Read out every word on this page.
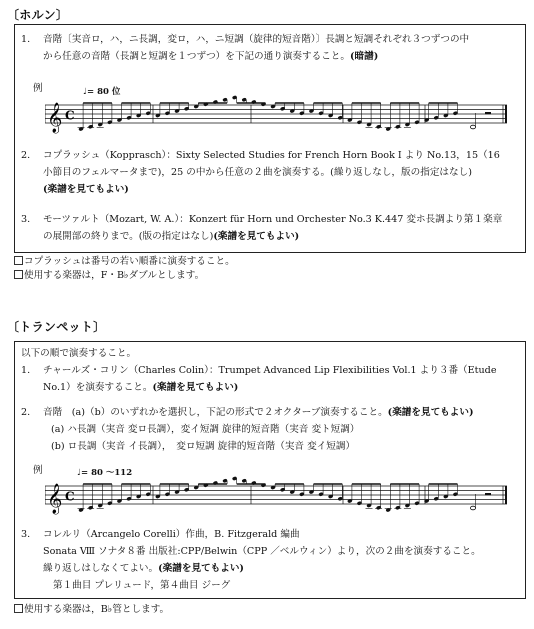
〔ホルン〕
1. 音階〔実音ロ，ハ，ニ長調，変ロ，ハ，ニ短調（旋律的短音階）〕長調と短調それぞれ３つずつの中
から任意の音階（長調と短調を１つずつ）を下記の通り演奏すること。(暗譜)
例	♩= 80 位
𝄞 C
2. コプラッシュ（Kopprasch）：Sixty Selected Studies for French Horn Book I より No.13，15（16
小節目のフェルマータまで)，25 の中から任意の２曲を演奏する。(繰り返しなし，版の指定はなし)
(楽譜を見てもよい)
3. モーツァルト（Mozart, W. A.）：Konzert für Horn und Orchester No.3 K.447 変ホ長調より第１楽章
の展開部の終りまで。(版の指定はなし)(楽譜を見てもよい)
コプラッシュは番号の若い順番に演奏すること。
使用する楽器は，F・B♭ダブルとします。
〔トランペット〕
以下の順で演奏すること。
1. チャールズ・コリン（Charles Colin）：Trumpet Advanced Lip Flexibilities Vol.1 より３番（Etude
No.1）を演奏すること。(楽譜を見てもよい)
2. 音階　(a)（b）のいずれかを選択し，下記の形式で２オクターブ演奏すること。(楽譜を見てもよい)
(a) ハ長調（実音 変ロ長調），変イ短調 旋律的短音階（実音 変ト短調）
(b) ロ長調（実音 イ長調），　変ロ短調 旋律的短音階（実音 変イ短調）
例	♩= 80 〜112
𝄞 C
3. コレルリ（Arcangelo Corelli）作曲，B. Fitzgerald 編曲
Sonata Ⅷ ソナタ８番 出版社:CPP/Belwin（CPP ／ベルウィン）より，次の２曲を演奏すること。
繰り返しはしなくてよい。(楽譜を見てもよい)
第１曲目 プレリュード，第４曲目 ジーグ
使用する楽器は，B♭管とします。
